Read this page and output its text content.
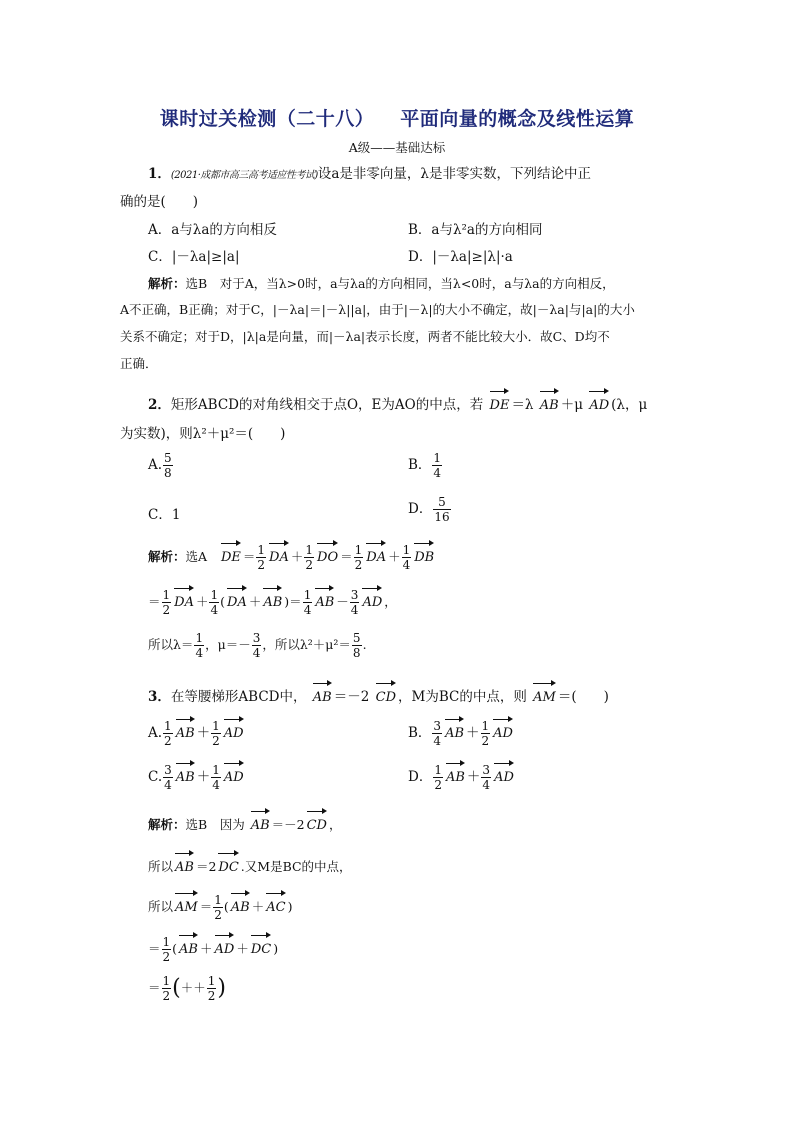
课时过关检测（二十八） 平面向量的概念及线性运算
A级——基础达标
1．(2021·成都市高三高考适应性考试)设a是非零向量，λ是非零实数，下列结论中正
确的是(　　)
A．a与λa的方向相反	B．a与λ²a的方向相同
C．|－λa|≥|a|	D．|－λa|≥|λ|·a
解析：选B　对于A，当λ>0时，a与λa的方向相同，当λ<0时，a与λa的方向相反，
A不正确，B正确；对于C，|－λa|＝|－λ||a|，由于|－λ|的大小不确定，故|－λa|与|a|的大小
关系不确定；对于D，|λ|a是向量，而|－λa|表示长度，两者不能比较大小．故C、D均不
正确．
2．矩形ABCD的对角线相交于点O，E为AO的中点，若 DE ＝λ AB ＋μ AD (λ，μ
为实数)，则λ²＋μ²＝(　　)
A. $\frac{5}{8}$	B． $\frac{1}{4}$
C．1	D． $\frac{5}{16}$
解析：选A DE ＝ $\frac{1}{2}$ DA ＋ $\frac{1}{2}$ DO ＝ $\frac{1}{2}$ DA ＋ $\frac{1}{4}$ DB
＝ $\frac{1}{2}$ DA ＋ $\frac{1}{4}$ ( DA ＋ AB )＝ $\frac{1}{4}$ AB － $\frac{3}{4}$ AD ，
所以$\lambda= \frac{1}{4}$ ，$\mu=- \frac{3}{4}$ ，所以$\lambda^2+\mu^2= \frac{5}{8}$ .
3．在等腰梯形ABCD中， AB ＝－2 CD ，M为BC的中点，则 AM ＝(　　)
A. $\frac{1}{2}$ AB ＋ $\frac{1}{2}$ AD	B． $\frac{3}{4}$ AB ＋ $\frac{1}{2}$ AD
C. $\frac{3}{4}$ AB ＋ $\frac{1}{4}$ AD	D． $\frac{1}{2}$ AB ＋ $\frac{3}{4}$ AD
解析：选B　因为 AB ＝－2 CD ，
所以 AB ＝2 DC .又M是BC的中点，
所以 AM ＝ $\frac{1}{2}$ ( AB ＋ AC )
＝ $\frac{1}{2}$ ( AB ＋ AD ＋ DC )
＝ $\frac{1}{2}$ (＋＋ $\frac{1}{2}$ )
